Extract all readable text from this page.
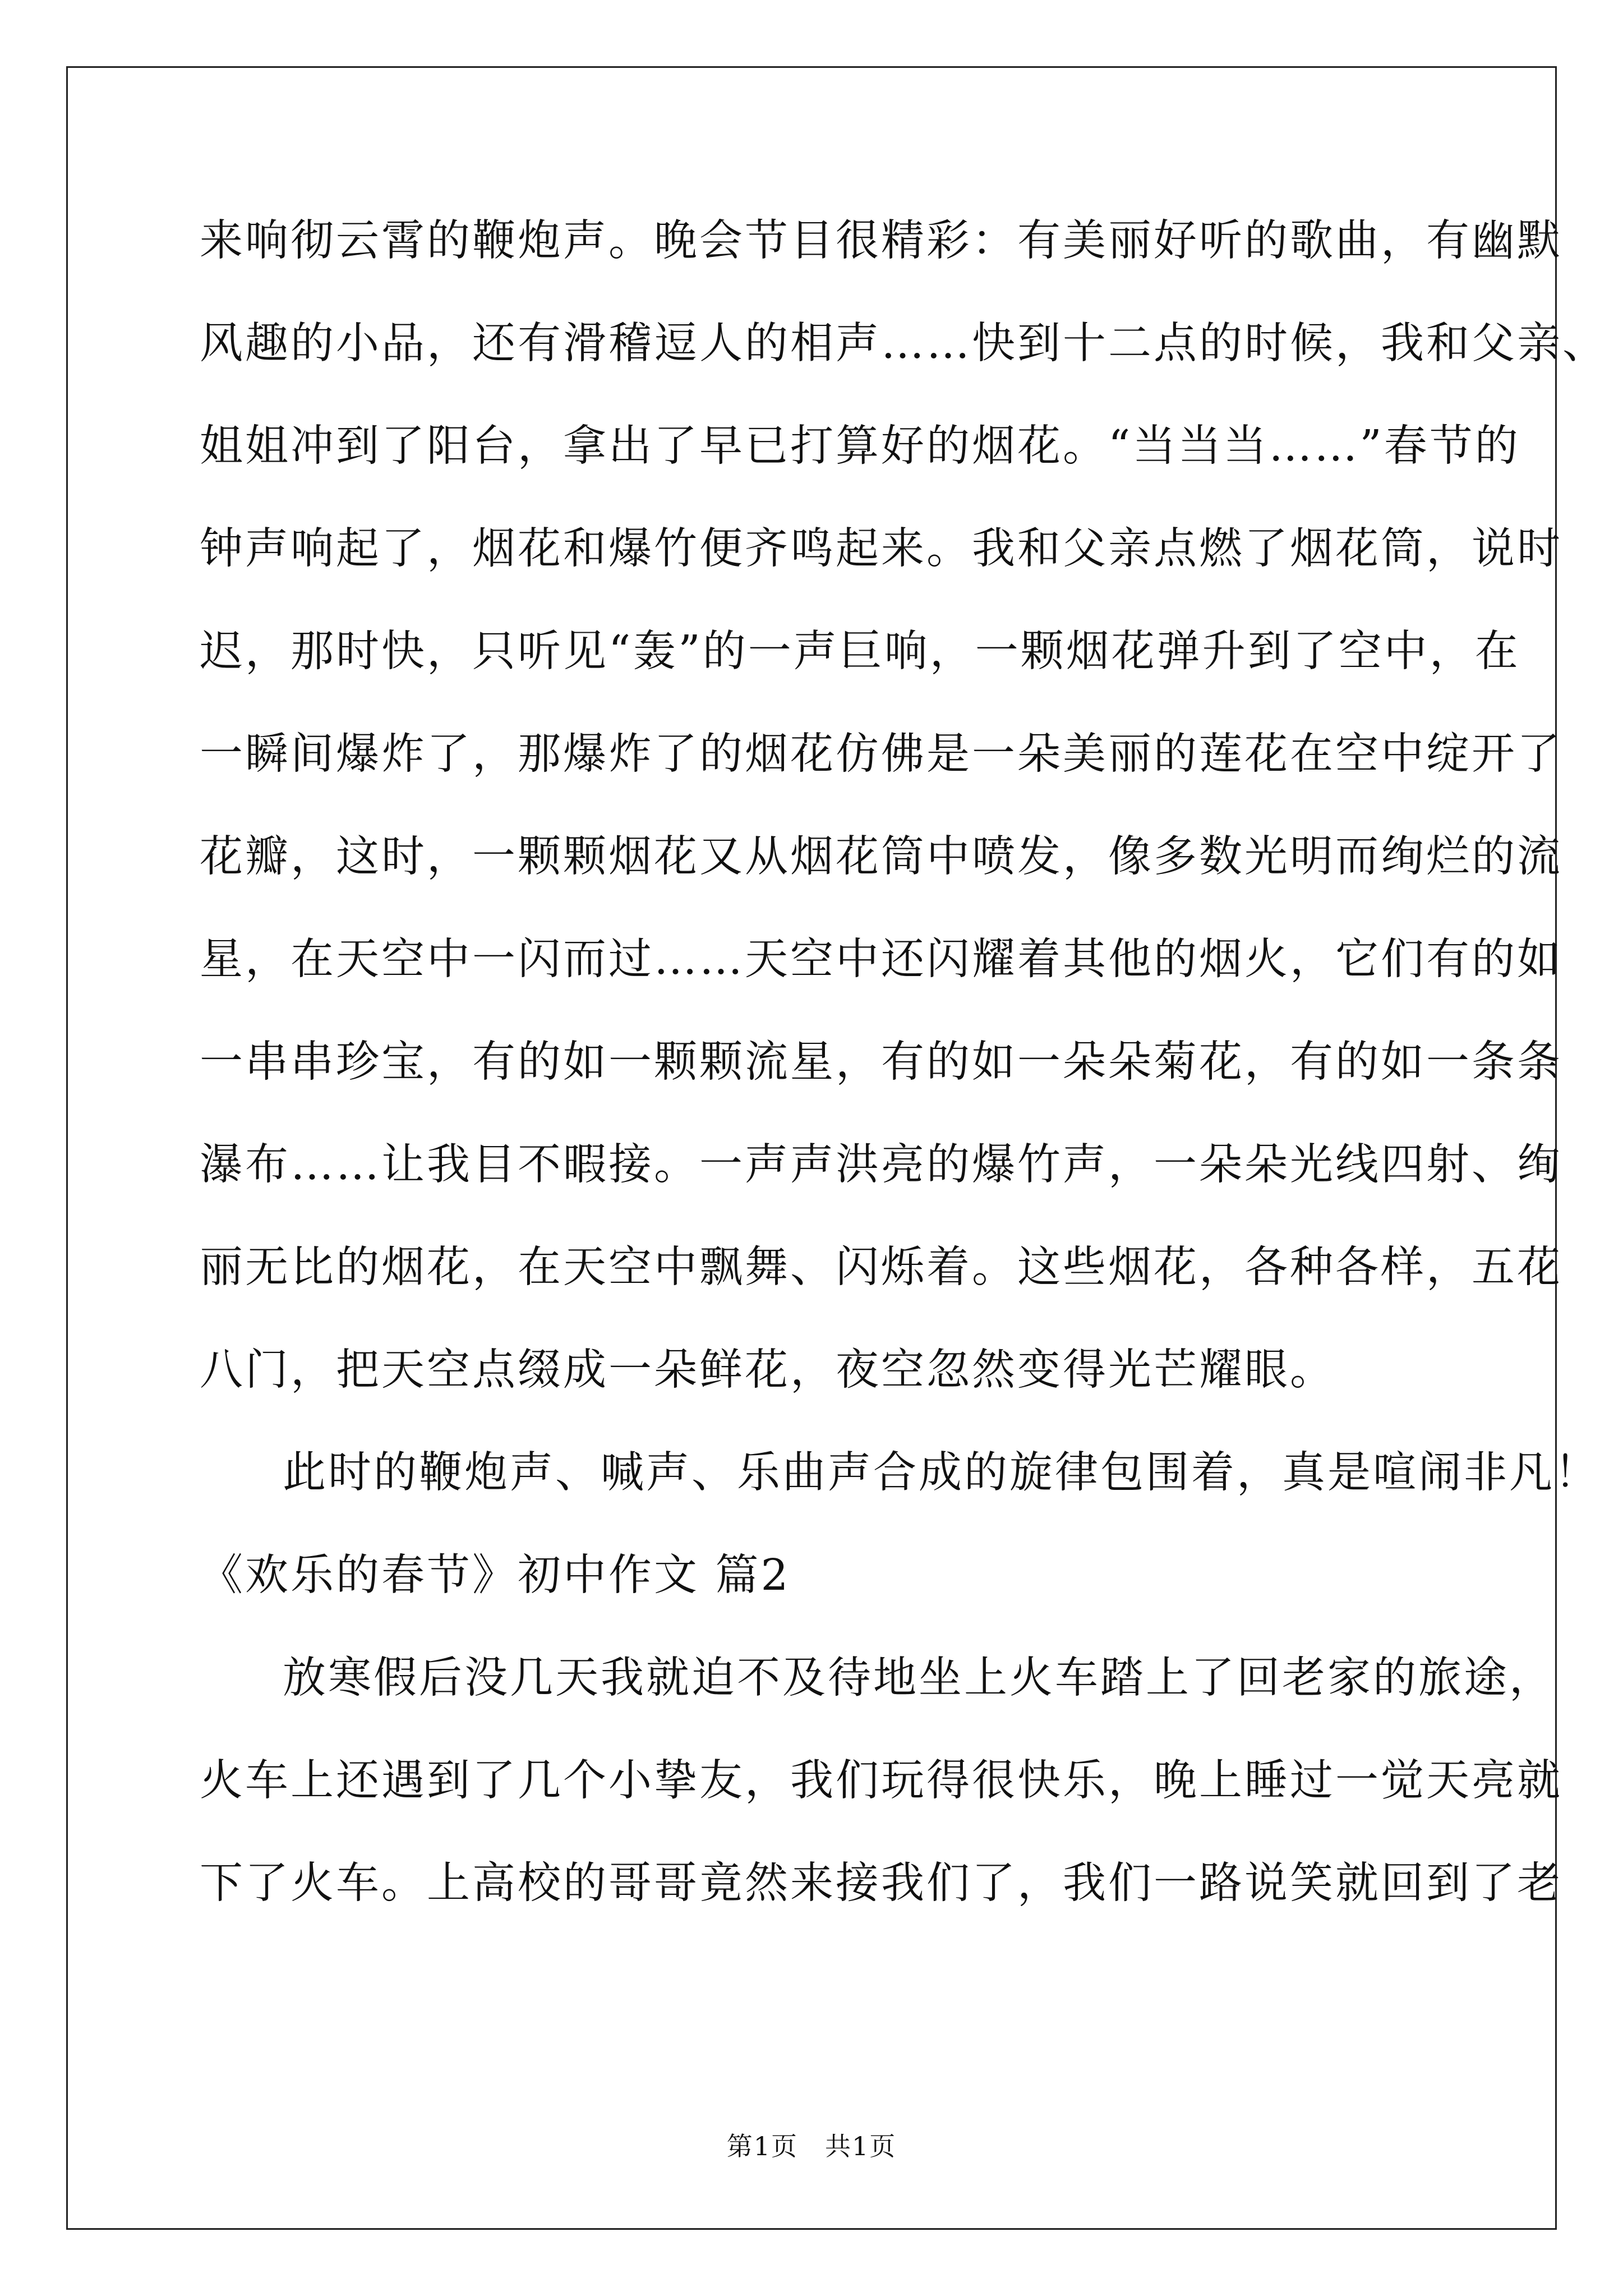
来响彻云霄的鞭炮声。晚会节目很精彩：有美丽好听的歌曲，有幽默
风趣的小品，还有滑稽逗人的相声……快到十二点的时候，我和父亲、
姐姐冲到了阳台，拿出了早已打算好的烟花。“当当当……”春节的
钟声响起了，烟花和爆竹便齐鸣起来。我和父亲点燃了烟花筒，说时
迟，那时快，只听见“轰”的一声巨响，一颗烟花弹升到了空中，在
一瞬间爆炸了，那爆炸了的烟花仿佛是一朵美丽的莲花在空中绽开了
花瓣，这时，一颗颗烟花又从烟花筒中喷发，像多数光明而绚烂的流
星，在天空中一闪而过……天空中还闪耀着其他的烟火，它们有的如
一串串珍宝，有的如一颗颗流星，有的如一朵朵菊花，有的如一条条
瀑布……让我目不暇接。一声声洪亮的爆竹声，一朵朵光线四射、绚
丽无比的烟花，在天空中飘舞、闪烁着。这些烟花，各种各样，五花
八门，把天空点缀成一朵鲜花，夜空忽然变得光芒耀眼。
此时的鞭炮声、喊声、乐曲声合成的旋律包围着，真是喧闹非凡！
《欢乐的春节》初中作文 篇2
放寒假后没几天我就迫不及待地坐上火车踏上了回老家的旅途，
火车上还遇到了几个小挚友，我们玩得很快乐，晚上睡过一觉天亮就
下了火车。上高校的哥哥竟然来接我们了，我们一路说笑就回到了老
第1页　共1页
